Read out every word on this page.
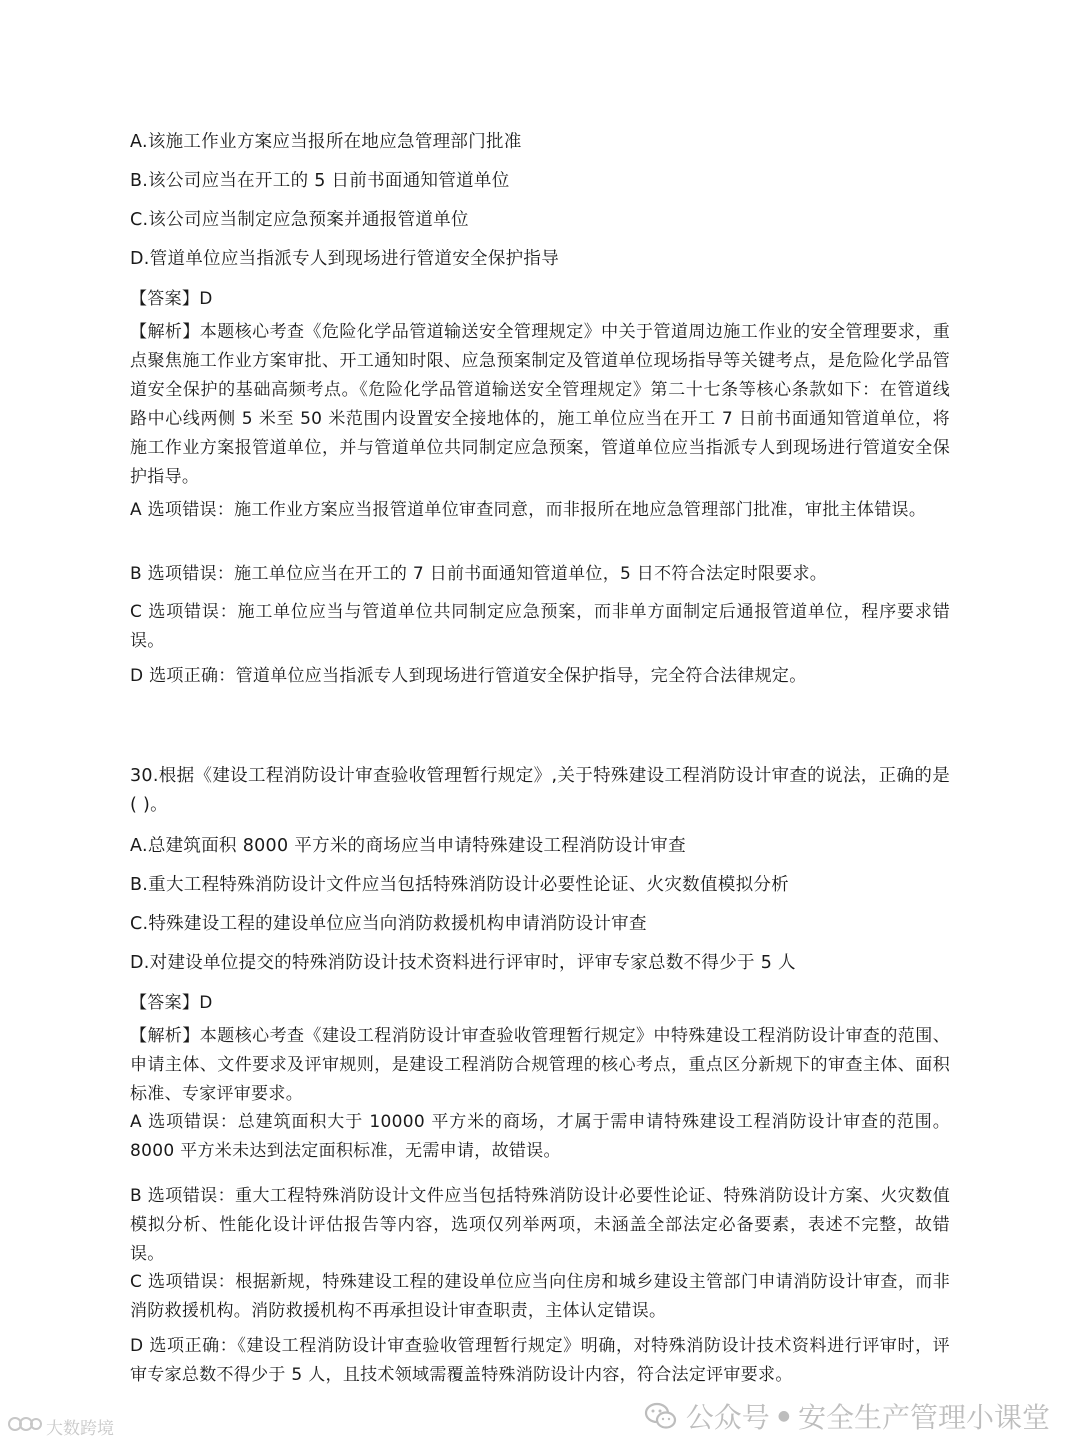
A.该施工作业方案应当报所在地应急管理部门批准

B.该公司应当在开工的 5 日前书面通知管道单位

C.该公司应当制定应急预案并通报管道单位

D.管道单位应当指派专人到现场进行管道安全保护指导

【答案】D

【解析】本题核心考查《危险化学品管道输送安全管理规定》中关于管道周边施工作业的安全管理要求，重点聚焦施工作业方案审批、开工通知时限、应急预案制定及管道单位现场指导等关键考点，是危险化学品管道安全保护的基础高频考点。《危险化学品管道输送安全管理规定》第二十七条等核心条款如下：在管道线路中心线两侧 5 米至 50 米范围内设置安全接地体的，施工单位应当在开工 7 日前书面通知管道单位，将施工作业方案报管道单位，并与管道单位共同制定应急预案，管道单位应当指派专人到现场进行管道安全保护指导。

A 选项错误：施工作业方案应当报管道单位审查同意，而非报所在地应急管理部门批准，审批主体错误。

B 选项错误：施工单位应当在开工的 7 日前书面通知管道单位，5 日不符合法定时限要求。

C 选项错误：施工单位应当与管道单位共同制定应急预案，而非单方面制定后通报管道单位，程序要求错误。

D 选项正确：管道单位应当指派专人到现场进行管道安全保护指导，完全符合法律规定。

30.根据《建设工程消防设计审查验收管理暂行规定》,关于特殊建设工程消防设计审查的说法，正确的是( )。

A.总建筑面积 8000 平方米的商场应当申请特殊建设工程消防设计审查

B.重大工程特殊消防设计文件应当包括特殊消防设计必要性论证、火灾数值模拟分析

C.特殊建设工程的建设单位应当向消防救援机构申请消防设计审查

D.对建设单位提交的特殊消防设计技术资料进行评审时，评审专家总数不得少于 5 人

【答案】D

【解析】本题核心考查《建设工程消防设计审查验收管理暂行规定》中特殊建设工程消防设计审查的范围、申请主体、文件要求及评审规则，是建设工程消防合规管理的核心考点，重点区分新规下的审查主体、面积标准、专家评审要求。

A 选项错误：总建筑面积大于 10000 平方米的商场，才属于需申请特殊建设工程消防设计审查的范围。8000 平方米未达到法定面积标准，无需申请，故错误。

B 选项错误：重大工程特殊消防设计文件应当包括特殊消防设计必要性论证、特殊消防设计方案、火灾数值模拟分析、性能化设计评估报告等内容，选项仅列举两项，未涵盖全部法定必备要素，表述不完整，故错误。

C 选项错误：根据新规，特殊建设工程的建设单位应当向住房和城乡建设主管部门申请消防设计审查，而非消防救援机构。消防救援机构不再承担设计审查职责，主体认定错误。

D 选项正确：《建设工程消防设计审查验收管理暂行规定》明确，对特殊消防设计技术资料进行评审时，评审专家总数不得少于 5 人，且技术领域需覆盖特殊消防设计内容，符合法定评审要求。

大数跨境	公众号 ● 安全生产管理小课堂
